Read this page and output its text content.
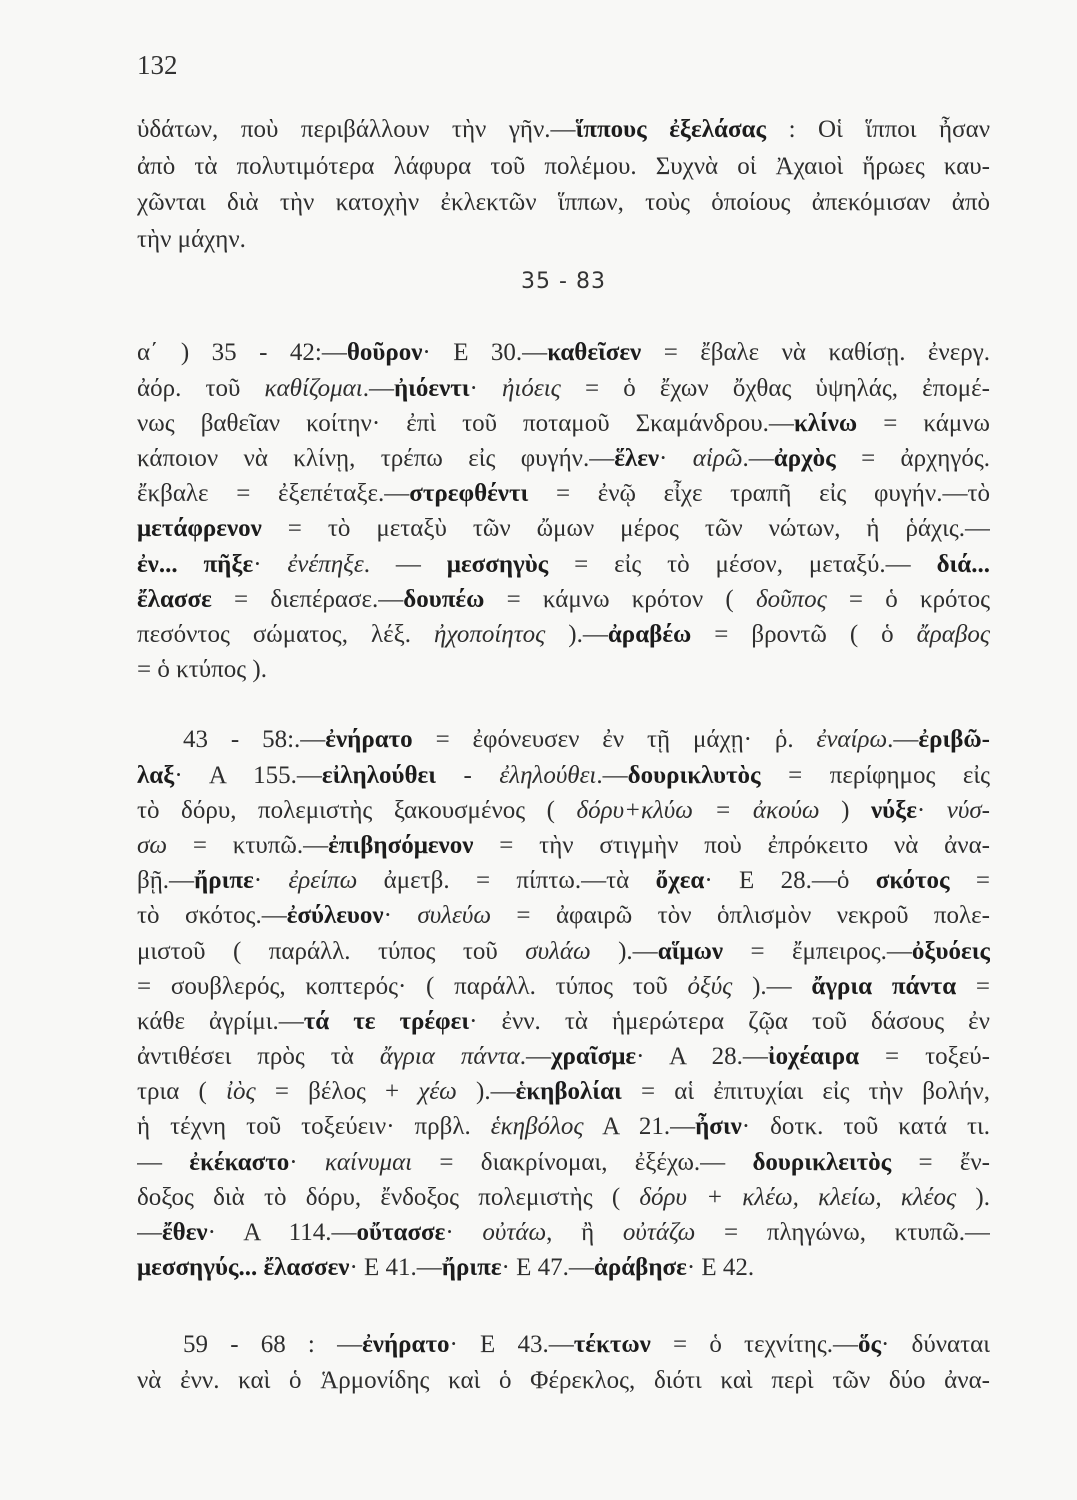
132
ὑδάτων, ποὺ περιβάλλουν τὴν γῆν.—ἵππους ἐξελάσας : Οἱ ἵπποι ἦσαν
ἀπὸ τὰ πολυτιμότερα λάφυρα τοῦ πολέμου. Συχνὰ οἱ Ἀχαιοὶ ἥρωες καυ-
χῶνται διὰ τὴν κατοχὴν ἐκλεκτῶν ἵππων, τοὺς ὁποίους ἀπεκόμισαν ἀπὸ
τὴν μάχην.
35 - 83
α΄ ) 35 - 42:—θοῦρον· Ε 30.—καθεῖσεν = ἔβαλε νὰ καθίσῃ. ἐνεργ.
ἀόρ. τοῦ καθίζομαι.—ἠιόεντι· ἠιόεις = ὁ ἔχων ὄχθας ὑψηλάς, ἐπομέ-
νως βαθεῖαν κοίτην· ἐπὶ τοῦ ποταμοῦ Σκαμάνδρου.—κλίνω = κάμνω
κάποιον νὰ κλίνῃ, τρέπω εἰς φυγήν.—ἕλεν· αἱρῶ.—ἀρχὸς = ἀρχηγός.
ἔκβαλε = ἐξεπέταξε.—στρεφθέντι = ἐνῷ εἶχε τραπῆ εἰς φυγήν.—τὸ
μετάφρενον = τὸ μεταξὺ τῶν ὤμων μέρος τῶν νώτων, ἡ ῥάχις.—
ἐν... πῆξε· ἐνέπηξε. — μεσσηγὺς = εἰς τὸ μέσον, μεταξύ.— διά...
ἔλασσε = διεπέρασε.—δουπέω = κάμνω κρότον ( δοῦπος = ὁ κρότος
πεσόντος σώματος, λέξ. ἠχοποίητος ).—ἀραβέω = βροντῶ ( ὁ ἄραβος
= ὁ κτύπος ).
43 - 58:.—ἐνήρατο = ἐφόνευσεν ἐν τῇ μάχῃ· ῥ. ἐναίρω.—ἐριβῶ-
λαξ· Α 155.—εἰληλούθει - ἐληλούθει.—δουρικλυτὸς = περίφημος εἰς
τὸ δόρυ, πολεμιστὴς ξακουσμένος ( δόρυ+κλύω = ἀκούω ) νύξε· νύσ-
σω = κτυπῶ.—ἐπιβησόμενον = τὴν στιγμὴν ποὺ ἐπρόκειτο νὰ ἀνα-
βῇ.—ἤριπε· ἐρείπω ἀμετβ. = πίπτω.—τὰ ὄχεα· Ε 28.—ὁ σκότος =
τὸ σκότος.—ἐσύλευον· συλεύω = ἀφαιρῶ τὸν ὁπλισμὸν νεκροῦ πολε-
μιστοῦ ( παράλλ. τύπος τοῦ συλάω ).—αἵμων = ἔμπειρος.—ὀξυόεις
= σουβλερός, κοπτερός· ( παράλλ. τύπος τοῦ ὀξύς ).— ἄγρια πάντα =
κάθε ἀγρίμι.—τά τε τρέφει· ἐνν. τὰ ἡμερώτερα ζῷα τοῦ δάσους ἐν
ἀντιθέσει πρὸς τὰ ἄγρια πάντα.—χραῖσμε· Α 28.—ἰοχέαιρα = τοξεύ-
τρια ( ἰὸς = βέλος + χέω ).—ἑκηβολίαι = αἱ ἐπιτυχίαι εἰς τὴν βολήν,
ἡ τέχνη τοῦ τοξεύειν· πρβλ. ἑκηβόλος Α 21.—ἦσιν· δοτκ. τοῦ κατά τι.
— ἐκέκαστο· καίνυμαι = διακρίνομαι, ἐξέχω.— δουρικλειτὸς = ἔν-
δοξος διὰ τὸ δόρυ, ἔνδοξος πολεμιστὴς ( δόρυ + κλέω, κλείω, κλέος ).
—ἔθεν· Α 114.—οὔτασσε· οὐτάω, ἢ οὐτάζω = πληγώνω, κτυπῶ.—
μεσσηγύς... ἔλασσεν· Ε 41.—ἤριπε· Ε 47.—ἀράβησε· Ε 42.
59 - 68 : —ἐνήρατο· Ε 43.—τέκτων = ὁ τεχνίτης.—ὅς· δύναται
νὰ ἐνν. καὶ ὁ Ἁρμονίδης καὶ ὁ Φέρεκλος, διότι καὶ περὶ τῶν δύο ἀνα-
